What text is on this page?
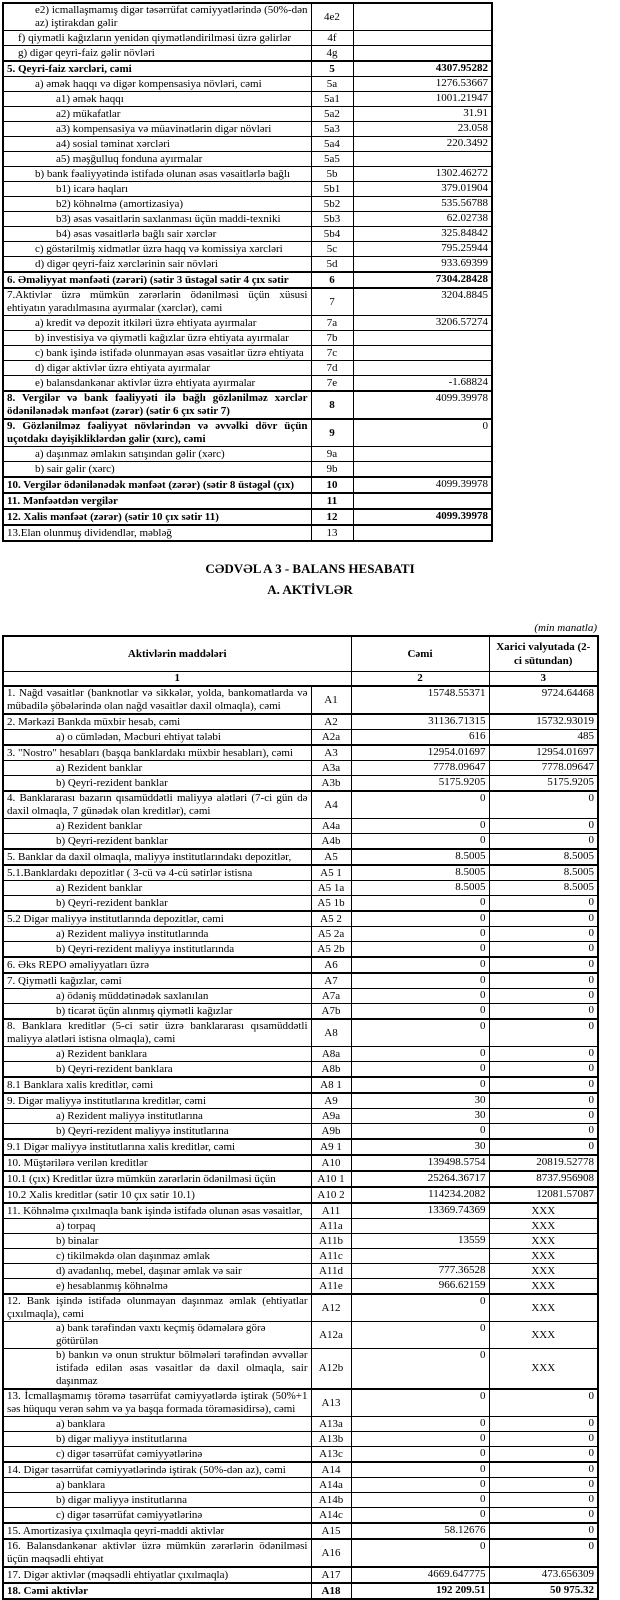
e2) icmallaşmamış digər təsərrüfat cəmiyyətlərində (50%-dən az) iştirakdan gəlir	4e2	
f) qiymətli kağızların yenidən qiymətləndirilməsi üzrə gəlirlər	4f	
g) digər qeyri-faiz gəlir növləri	4g	
5. Qeyri-faiz xərcləri, cəmi	5	4307.95282
a) əmək haqqı və digər kompensasiya növləri, cəmi	5a	1276.53667
a1) əmək haqqı	5a1	1001.21947
a2) mükafatlar	5a2	31.91
a3) kompensasiya və müavinətlərin digər növləri	5a3	23.058
a4) sosial təminat xərcləri	5a4	220.3492
a5) məşğulluq fonduna ayırmalar	5a5	
b) bank fəaliyyətində istifadə olunan əsas vəsaitlərlə bağlı	5b	1302.46272
b1) icarə haqları	5b1	379.01904
b2) köhnəlmə (amortizasiya)	5b2	535.56788
b3) əsas vəsaitlərin saxlanması üçün maddi-texniki	5b3	62.02738
b4) əsas vəsaitlərlə bağlı sair xərclər	5b4	325.84842
c) göstərilmiş xidmətlər üzrə haqq və komissiya xərcləri	5c	795.25944
d) digər qeyri-faiz xərclərinin sair növləri	5d	933.69399
6. Əməliyyat mənfəəti (zərəri) (sətir 3 üstəgəl sətir 4 çıx sətir	6	7304.28428
7.Aktivlər üzrə mümkün zərərlərin ödənilməsi üçün xüsusi ehtiyatın yaradılmasına ayırmalar (xərclər), cəmi	7	3204.8845
a) kredit və depozit itkiləri üzrə ehtiyata ayırmalar	7a	3206.57274
b) investisiya və qiymətli kağızlar üzrə ehtiyata ayırmalar	7b	
c) bank işində istifadə olunmayan əsas vəsaitlər üzrə ehtiyata	7c	
d) digər aktivlər üzrə ehtiyata ayırmalar	7d	
e) balansdankənar aktivlər üzrə ehtiyata ayırmalar	7e	-1.68824
8. Vergilər və bank fəaliyyəti ilə bağlı gözlənilməz xərclər ödənilənədək mənfəət (zərər) (sətir 6 çıx sətir 7)	8	4099.39978
9. Gözlənilməz fəaliyyət növlərindən və əvvəlki dövr üçün uçotdakı dəyişikliklərdən gəlir (xırc), cəmi	9	0
a) daşınmaz əmlakın satışından gəlir (xərc)	9a	
b) sair gəlir (xərc)	9b	
10. Vergilər ödənilənədək mənfəət (zərər) (sətir 8 üstəgəl (çıx)	10	4099.39978
11. Mənfəətdən vergilər	11	
12. Xalis mənfəət (zərər) (sətir 10 çıx sətir 11)	12	4099.39978
13.Elan olunmuş dividendlər, məbləğ	13	
CƏDVƏL A 3 - BALANS HESABATI
A. AKTİVLƏR
(min manatla)
Aktivlərin maddələri		Cəmi	Xarici valyutada (2-ci sütundan)
1		2	3
1. Nağd vəsaitlər (banknotlar və sikkələr, yolda, bankomatlarda və mübadilə şöbələrində olan nağd vəsaitlər daxil olmaqla), cəmi	A1	15748.55371	9724.64468
2. Mərkəzi Bankda müxbir hesab, cəmi	A2	31136.71315	15732.93019
a) o cümlədən, Məcburi ehtiyat tələbi	A2a	616	485
3. "Nostro" hesabları (başqa banklardakı müxbir hesabları), cəmi	A3	12954.01697	12954.01697
a) Rezident banklar	A3a	7778.09647	7778.09647
b) Qeyri-rezident banklar	A3b	5175.9205	5175.9205
4. Banklararası bazarın qısamüddətli maliyyə alətləri (7-ci gün də daxil olmaqla, 7 günədək olan kreditlər), cəmi	A4	0	0
a) Rezident banklar	A4a	0	0
b) Qeyri-rezident banklar	A4b	0	0
5. Banklar da daxil olmaqla, maliyyə institutlarındakı depozitlər,	A5	8.5005	8.5005
5.1.Banklardakı depozitlər ( 3-cü və 4-cü sətirlər istisna	A5 1	8.5005	8.5005
a) Rezident banklar	A5 1a	8.5005	8.5005
b) Qeyri-rezident banklar	A5 1b	0	0
5.2 Digər maliyyə institutlarında depozitlər, cəmi	A5 2	0	0
a) Rezident maliyyə institutlarında	A5 2a	0	0
b) Qeyri-rezident maliyyə institutlarında	A5 2b	0	0
6. Əks REPO əməliyyatları üzrə	A6	0	0
7. Qiymətli kağızlar, cəmi	A7	0	0
a) ödəniş müddətinədək saxlanılan	A7a	0	0
b) ticarət üçün alınmış qiymətli kağızlar	A7b	0	0
8. Banklara kreditlər (5-ci sətir üzrə banklararası qısamüddətli maliyyə alətləri istisna olmaqla), cəmi	A8	0	0
a) Rezident banklara	A8a	0	0
b) Qeyri-rezident banklara	A8b	0	0
8.1 Banklara xalis kreditlər, cəmi	A8 1	0	0
9. Digər maliyyə institutlarına kreditlər, cəmi	A9	30	0
a) Rezident maliyyə institutlarına	A9a	30	0
b) Qeyri-rezident maliyyə institutlarına	A9b	0	0
9.1 Digər maliyyə institutlarına xalis kreditlər, cəmi	A9 1	30	0
10. Müştərilərə verilən kreditlər	A10	139498.5754	20819.52778
10.1 (çıx) Kreditlər üzrə mümkün zərərlərin ödənilməsi üçün	A10 1	25264.36717	8737.956908
10.2 Xalis kreditlər (sətir 10 çıx sətir 10.1)	A10 2	114234.2082	12081.57087
11. Köhnəlmə çıxılmaqla bank işində istifadə olunan əsas vəsaitlər,	A11	13369.74369	XXX
a) torpaq	A11a		XXX
b) binalar	A11b	13559	XXX
c) tikilməkdə olan daşınmaz əmlak	A11c		XXX
d) avadanlıq, mebel, daşınar əmlak və sair	A11d	777.36528	XXX
e) hesablanmış köhnəlmə	A11e	966.62159	XXX
12. Bank işində istifadə olunmayan daşınmaz əmlak (ehtiyatlar çıxılmaqla), cəmi	A12	0	XXX
a) bank tərəfindən vaxtı keçmiş ödəmələrə görə götürülən	A12a	0	XXX
b) bankın və onun struktur bölmələri tərəfindən əvvəllər istifadə edilən əsas vəsaitlər də daxil olmaqla, sair daşınmaz	A12b	0	XXX
13. İcmallaşmamış törəmə təsərrüfat cəmiyyətlərdə iştirak (50%+1 səs hüququ verən səhm və ya başqa formada törəməsidirsə), cəmi	A13	0	0
a) banklara	A13a	0	0
b) digər maliyyə institutlarına	A13b	0	0
c) digər təsərrüfat cəmiyyətlərinə	A13c	0	0
14. Digər təsərrüfat cəmiyyətlərində iştirak (50%-dən az), cəmi	A14	0	0
a) banklara	A14a	0	0
b) digər maliyyə institutlarına	A14b	0	0
c) digər təsərrüfat cəmiyyətlərinə	A14c	0	0
15. Amortizasiya çıxılmaqla qeyri-maddi aktivlər	A15	58.12676	0
16. Balansdankənar aktivlər üzrə mümkün zərərlərin ödənilməsi üçün məqsədli ehtiyat	A16	0	0
17. Digər aktivlər (məqsədli ehtiyatlar çıxılmaqla)	A17	4669.647775	473.656309
18. Cəmi aktivlər	A18	192 209.51	50 975.32
